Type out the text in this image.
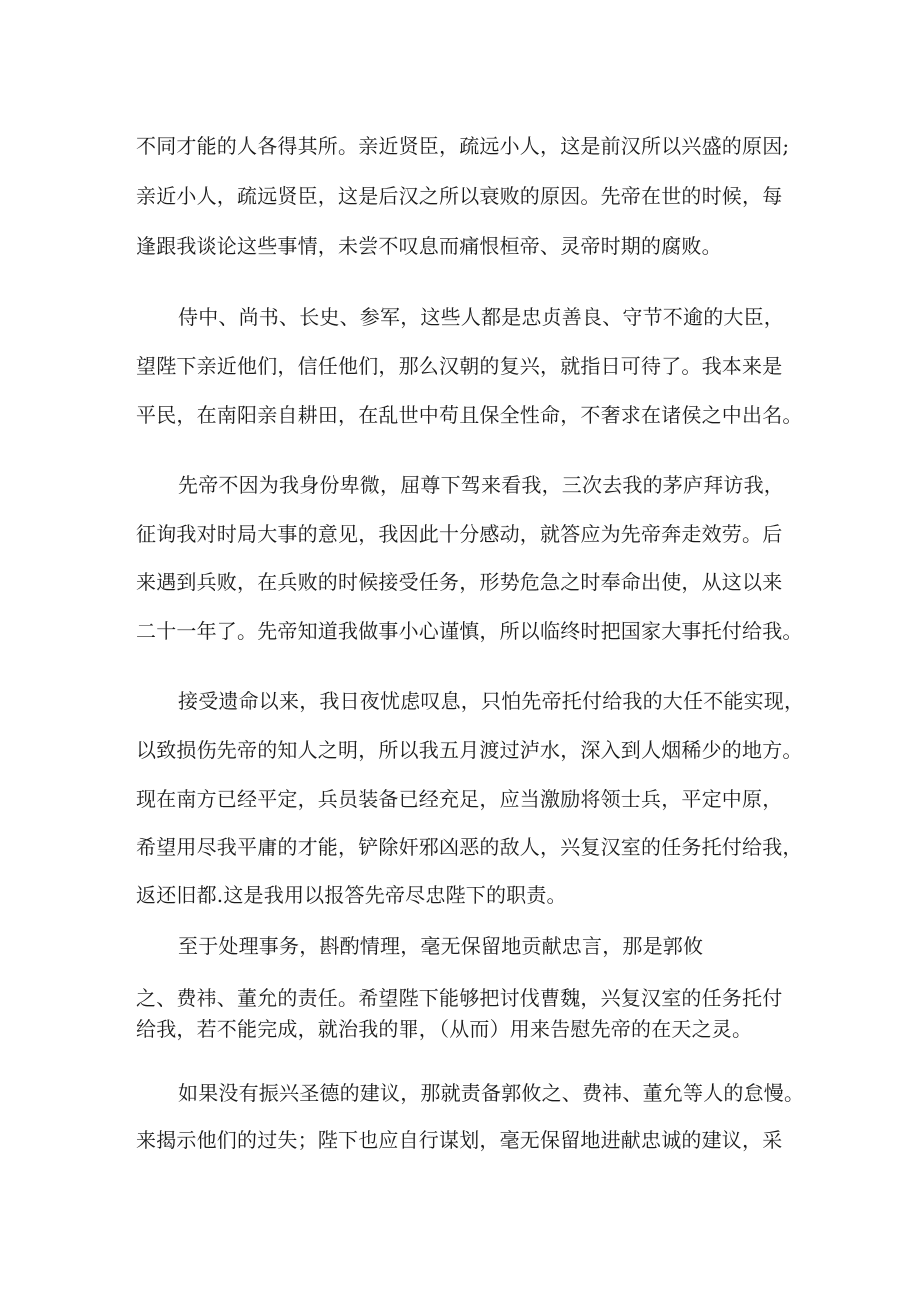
不同才能的人各得其所。亲近贤臣，疏远小人，这是前汉所以兴盛的原因;
亲近小人，疏远贤臣，这是后汉之所以衰败的原因。先帝在世的时候，每
逢跟我谈论这些事情，未尝不叹息而痛恨桓帝、灵帝时期的腐败。
侍中、尚书、长史、参军，这些人都是忠贞善良、守节不逾的大臣，
望陛下亲近他们，信任他们，那么汉朝的复兴，就指日可待了。我本来是
平民，在南阳亲自耕田，在乱世中苟且保全性命，不奢求在诸侯之中出名。
先帝不因为我身份卑微，屈尊下驾来看我，三次去我的茅庐拜访我，
征询我对时局大事的意见，我因此十分感动，就答应为先帝奔走效劳。后
来遇到兵败，在兵败的时候接受任务，形势危急之时奉命出使，从这以来
二十一年了。先帝知道我做事小心谨慎，所以临终时把国家大事托付给我。
接受遗命以来，我日夜忧虑叹息，只怕先帝托付给我的大任不能实现，
以致损伤先帝的知人之明，所以我五月渡过泸水，深入到人烟稀少的地方。
现在南方已经平定，兵员装备已经充足，应当激励将领士兵，平定中原，
希望用尽我平庸的才能，铲除奸邪凶恶的敌人，兴复汉室的任务托付给我，
返还旧都.这是我用以报答先帝尽忠陛下的职责。
至于处理事务，斟酌情理，毫无保留地贡献忠言，那是郭攸
之、费祎、董允的责任。希望陛下能够把讨伐曹魏，兴复汉室的任务托付
给我，若不能完成，就治我的罪，（从而）用来告慰先帝的在天之灵。
如果没有振兴圣德的建议，那就责备郭攸之、费祎、董允等人的怠慢。
来揭示他们的过失；陛下也应自行谋划，毫无保留地进献忠诚的建议，采
